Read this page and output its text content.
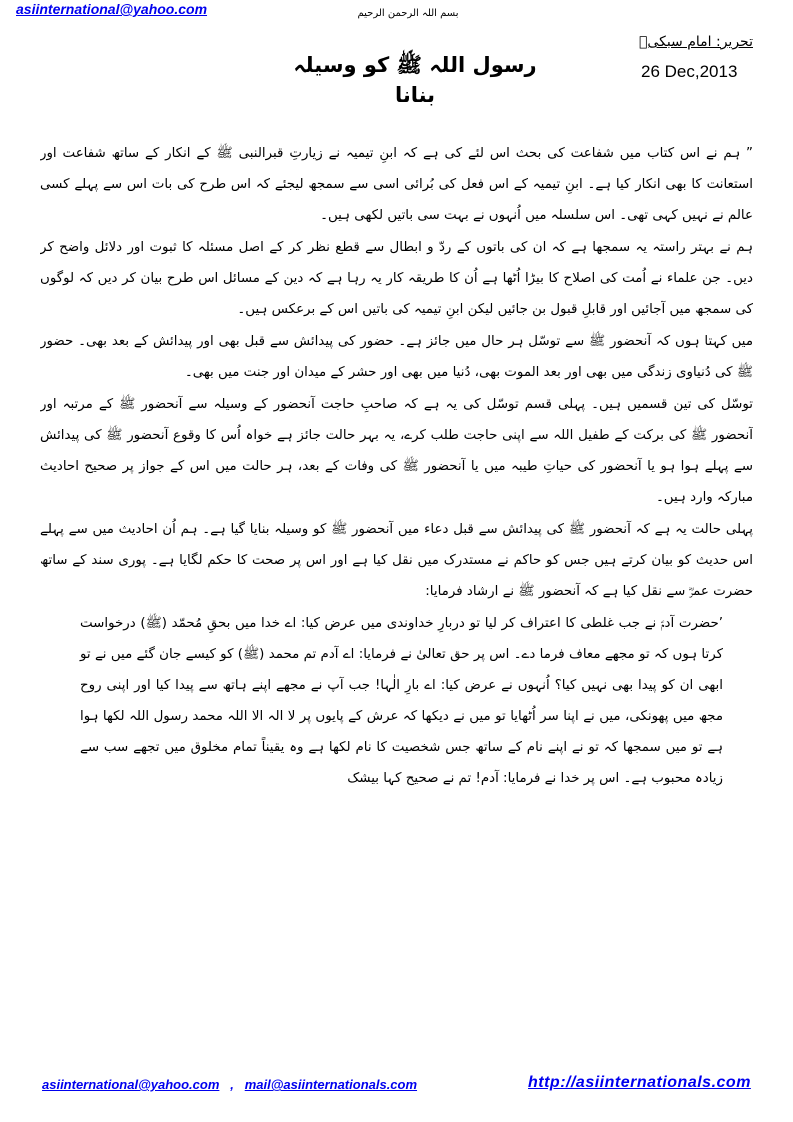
asiinternational@yahoo.com	بسم اللہ الرحمن الرحیم
تحریر: امام سبکیؒ
رسول اللہ ﷺ کو وسیلہ بنانا
26 Dec,2013

” ہم نے اس کتاب میں شفاعت کی بحث اس لئے کی ہے کہ ابنِ تیمیہ نے زیارتِ قبرالنبی ﷺ کے انکار کے ساتھ شفاعت اور استعانت کا بھی انکار کیا ہے۔ ابنِ تیمیہ کے اس فعل کی بُرائی اسی سے سمجھ لیجئے کہ اس طرح کی بات اس سے پہلے کسی عالم نے نہیں کہی تھی۔ اس سلسلہ میں اُنہوں نے بہت سی باتیں لکھی ہیں۔

ہم نے بہتر راستہ یہ سمجھا ہے کہ ان کی باتوں کے ردّ و ابطال سے قطع نظر کر کے اصل مسئلہ کا ثبوت اور دلائل واضح کر دیں۔ جن علماء نے اُمت کی اصلاح کا بیڑا اُٹھا ہے اُن کا طریقہ کار یہ رہا ہے کہ دین کے مسائل اس طرح بیان کر دیں کہ لوگوں کی سمجھ میں آجائیں اور قابلِ قبول بن جائیں لیکن ابنِ تیمیہ کی باتیں اس کے برعکس ہیں۔

میں کہتا ہوں کہ آنحضور ﷺ سے توسّل ہر حال میں جائز ہے۔ حضور کی پیدائش سے قبل بھی اور پیدائش کے بعد بھی۔ حضور ﷺ کی دُنیاوی زندگی میں بھی اور بعد الموت بھی، دُنیا میں بھی اور حشر کے میدان اور جنت میں بھی۔

توسّل کی تین قسمیں ہیں۔ پہلی قسم توسّل کی یہ ہے کہ صاحبِ حاجت آنحضور کے وسیلہ سے آنحضور ﷺ کے مرتبہ اور آنحضور ﷺ کی برکت کے طفیل اللہ سے اپنی حاجت طلب کرے، یہ بہر حالت جائز ہے خواہ اُس کا وقوع آنحضور ﷺ کی پیدائش سے پہلے ہوا ہو یا آنحضور کی حیاتِ طیبہ میں یا آنحضور ﷺ کی وفات کے بعد، ہر حالت میں اس کے جواز پر صحیح احادیث مبارکہ وارد ہیں۔

پہلی حالت یہ ہے کہ آنحضور ﷺ کی پیدائش سے قبل دعاء میں آنحضور ﷺ کو وسیلہ بنایا گیا ہے۔ ہم اُن احادیث میں سے پہلے اس حدیث کو بیان کرتے ہیں جس کو حاکم نے مستدرک میں نقل کیا ہے اور اس پر صحت کا حکم لگایا ہے۔ پوری سند کے ساتھ حضرت عمرؓ سے نقل کیا ہے کہ آنحضور ﷺ نے ارشاد فرمایا:

’حضرت آدمؑ نے جب غلطی کا اعتراف کر لیا تو دربارِ خداوندی میں عرض کیا: اے خدا میں بحقِ مُحمّد (ﷺ) درخواست کرتا ہوں کہ تو مجھے معاف فرما دے۔ اس پر حق تعالیٰ نے فرمایا: اے آدم تم محمد (ﷺ) کو کیسے جان گئے میں نے تو ابھی ان کو پیدا بھی نہیں کیا؟ اُنہوں نے عرض کیا: اے بارِ الٰہا! جب آپ نے مجھے اپنے ہاتھ سے پیدا کیا اور اپنی روح مجھ میں پھونکی، میں نے اپنا سر اُٹھایا تو میں نے دیکھا کہ عرش کے پایوں پر لا الہ الا اللہ محمد رسول اللہ لکھا ہوا ہے تو میں سمجھا کہ تو نے اپنے نام کے ساتھ جس شخصیت کا نام لکھا ہے وہ یقیناً تمام مخلوق میں تجھے سب سے زیادہ محبوب ہے۔ اس پر خدا نے فرمایا: آدم! تم نے صحیح کہا بیشک

asiinternational@yahoo.com , mail@asiinternationals.com	http://asiinternationals.com
